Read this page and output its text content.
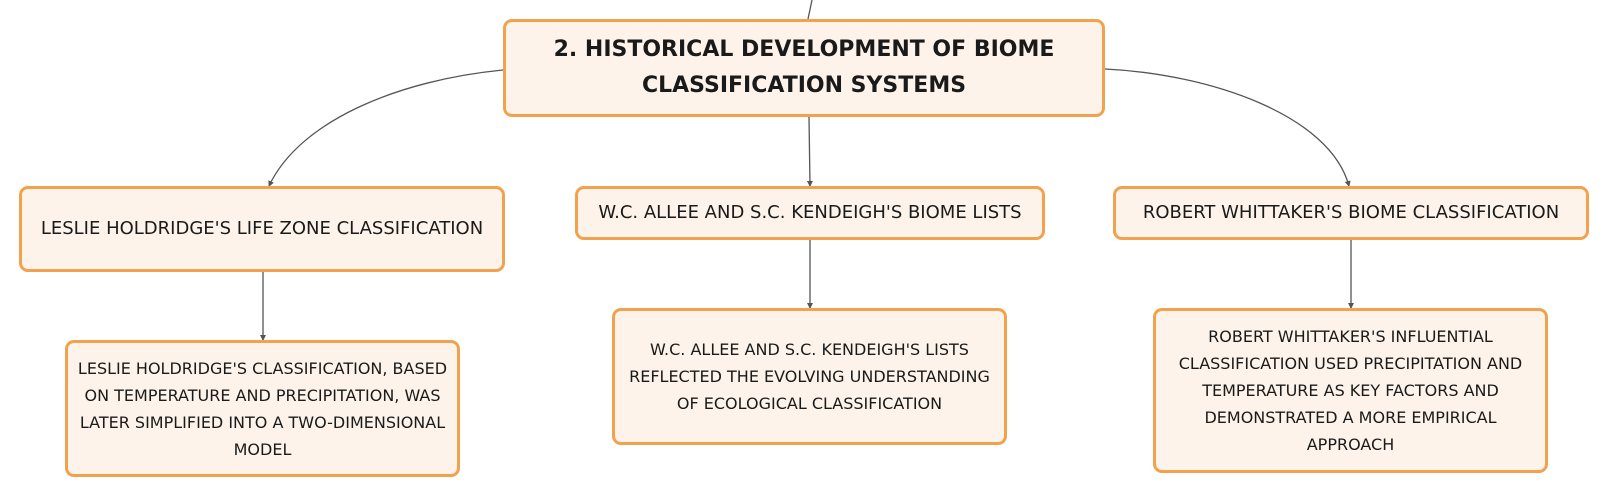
2. HISTORICAL DEVELOPMENT OF BIOME CLASSIFICATION SYSTEMS
LESLIE HOLDRIDGE'S LIFE ZONE CLASSIFICATION
W.C. ALLEE AND S.C. KENDEIGH'S BIOME LISTS	ROBERT WHITTAKER'S BIOME CLASSIFICATION
LESLIE HOLDRIDGE'S CLASSIFICATION, BASED ON TEMPERATURE AND PRECIPITATION, WAS LATER SIMPLIFIED INTO A TWO-DIMENSIONAL MODEL
W.C. ALLEE AND S.C. KENDEIGH'S LISTS REFLECTED THE EVOLVING UNDERSTANDING OF ECOLOGICAL CLASSIFICATION
ROBERT WHITTAKER'S INFLUENTIAL CLASSIFICATION USED PRECIPITATION AND TEMPERATURE AS KEY FACTORS AND DEMONSTRATED A MORE EMPIRICAL APPROACH
